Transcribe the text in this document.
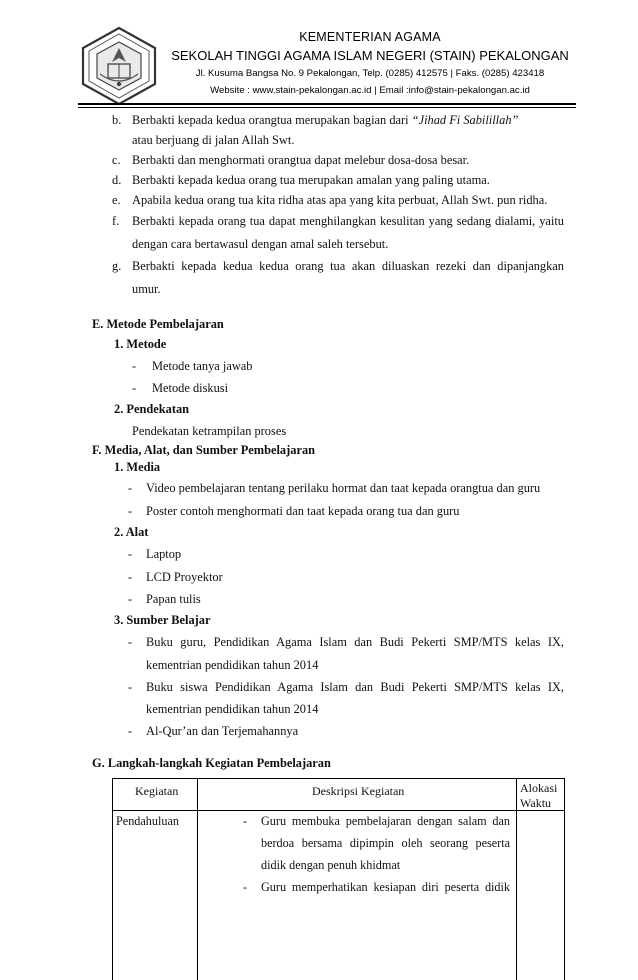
KEMENTERIAN AGAMA
SEKOLAH TINGGI AGAMA ISLAM NEGERI (STAIN) PEKALONGAN
Jl. Kusuma Bangsa No. 9 Pekalongan, Telp. (0285) 412575 | Faks. (0285) 423418
Website : www.stain-pekalongan.ac.id | Email :info@stain-pekalongan.ac.id
b. Berbakti kepada kedua orangtua merupakan bagian dari “Jihad Fi Sabilillah”
atau berjuang di jalan Allah Swt.
c. Berbakti dan menghormati orangtua dapat melebur dosa-dosa besar.
d. Berbakti kepada kedua orang tua merupakan amalan yang paling utama.
e. Apabila kedua orang tua kita ridha atas apa yang kita perbuat, Allah Swt. pun ridha.
f. Berbakti kepada orang tua dapat menghilangkan kesulitan yang sedang dialami, yaitu
dengan cara bertawasul dengan amal saleh tersebut.
g. Berbakti kepada kedua kedua orang tua akan diluaskan rezeki dan dipanjangkan
umur.
E. Metode Pembelajaran
1. Metode
- Metode tanya jawab
- Metode diskusi
2. Pendekatan
Pendekatan ketrampilan proses
F. Media, Alat, dan Sumber Pembelajaran
1. Media
- Video pembelajaran tentang perilaku hormat dan taat kepada orangtua dan guru
- Poster contoh menghormati dan taat kepada orang tua dan guru
2. Alat
- Laptop
- LCD Proyektor
- Papan tulis
3. Sumber Belajar
- Buku guru, Pendidikan Agama Islam dan Budi Pekerti SMP/MTS kelas IX,
kementrian pendidikan tahun 2014
- Buku siswa Pendidikan Agama Islam dan Budi Pekerti SMP/MTS kelas IX,
kementrian pendidikan tahun 2014
- Al-Qur’an dan Terjemahannya
G. Langkah-langkah Kegiatan Pembelajaran
Kegiatan	Deskripsi Kegiatan	Alokasi Waktu
Pendahuluan	- Guru membuka pembelajaran dengan salam dan
berdoa bersama dipimpin oleh seorang peserta
didik dengan penuh khidmat
- Guru memperhatikan kesiapan diri peserta didik
